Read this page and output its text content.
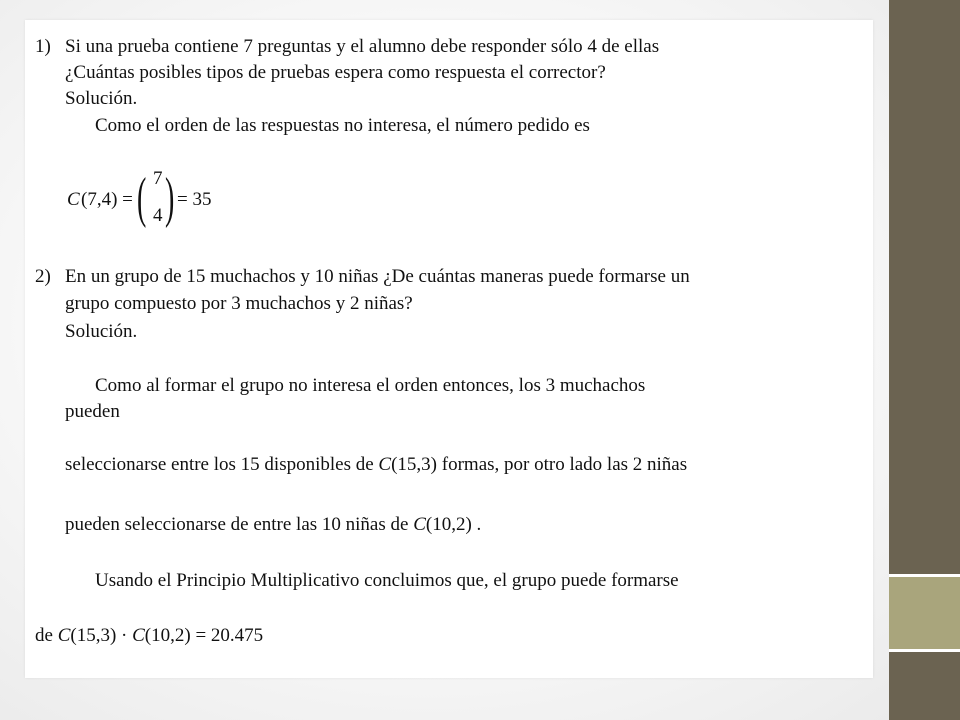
1) Si una prueba contiene 7 preguntas y el alumno debe responder sólo 4 de ellas
¿Cuántas posibles tipos de pruebas espera como respuesta el corrector?
Solución.
Como el orden de las respuestas no interesa, el número pedido es
C (7,4) = ( 7
4 ) = 35
2) En un grupo de 15 muchachos y 10 niñas ¿De cuántas maneras puede formarse un
grupo compuesto por 3 muchachos y 2 niñas?
Solución.
Como al formar el grupo no interesa el orden entonces, los 3 muchachos
pueden
seleccionarse entre los 15 disponibles de C(15,3) formas, por otro lado las 2 niñas
pueden seleccionarse de entre las 10 niñas de C(10,2) .
Usando el Principio Multiplicativo concluimos que, el grupo puede formarse
de C(15,3) · C(10,2) = 20.475
